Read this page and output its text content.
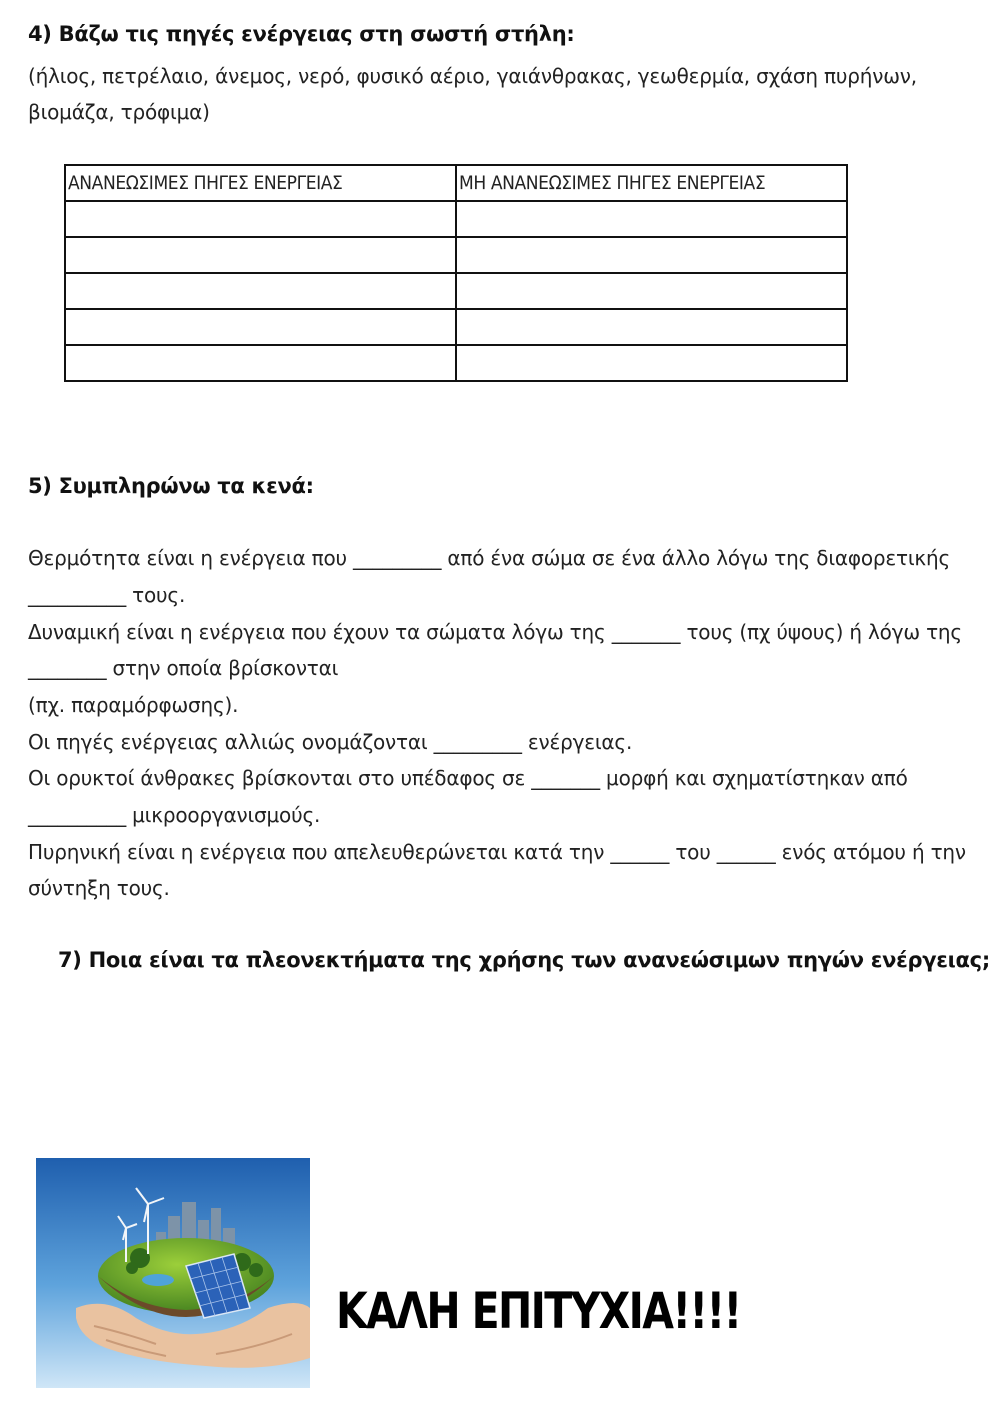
4) Βάζω τις πηγές ενέργειας στη σωστή στήλη:
(ήλιος, πετρέλαιο, άνεμος, νερό, φυσικό αέριο, γαιάνθρακας, γεωθερμία, σχάση πυρήνων, βιομάζα, τρόφιμα)
ΑΝΑΝΕΩΣΙΜΕΣ ΠΗΓΕΣ ΕΝΕΡΓΕΙΑΣ	ΜΗ ΑΝΑΝΕΩΣΙΜΕΣ ΠΗΓΕΣ ΕΝΕΡΓΕΙΑΣ

5) Συμπληρώνω τα κενά:
Θερμότητα είναι η ενέργεια που _________ από ένα σώμα σε ένα άλλο λόγω της διαφορετικής
__________ τους.
Δυναμική είναι η ενέργεια που έχουν τα σώματα λόγω της _______ τους (πχ ύψους) ή λόγω της
________ στην οποία βρίσκονται
(πχ. παραμόρφωσης).
Οι πηγές ενέργειας αλλιώς ονομάζονται _________ ενέργειας.
Οι ορυκτοί άνθρακες βρίσκονται στο υπέδαφος σε _______ μορφή και σχηματίστηκαν από
__________ μικροοργανισμούς.
Πυρηνική είναι η ενέργεια που απελευθερώνεται κατά την ______ του ______ ενός ατόμου ή την
σύντηξη τους.
7) Ποια είναι τα πλεονεκτήματα της χρήσης των ανανεώσιμων πηγών ενέργειας;
ΚΑΛΗ ΕΠΙΤΥΧΙΑ!!!!
